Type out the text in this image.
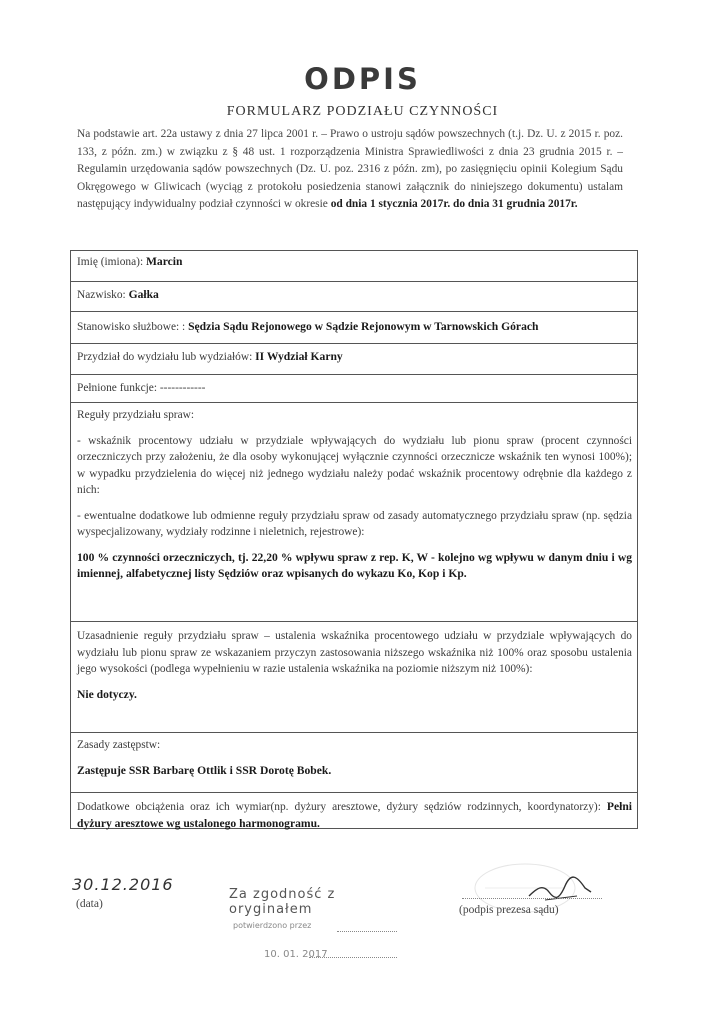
ODPIS
FORMULARZ PODZIAŁU CZYNNOŚCI
Na podstawie art. 22a ustawy z dnia 27 lipca 2001 r. – Prawo o ustroju sądów powszechnych (t.j. Dz. U. z 2015 r. poz. 133, z późn. zm.) w związku z § 48 ust. 1 rozporządzenia Ministra Sprawiedliwości z dnia 23 grudnia 2015 r. – Regulamin urzędowania sądów powszechnych (Dz. U. poz. 2316 z późn. zm), po zasięgnięciu opinii Kolegium Sądu Okręgowego w Gliwicach (wyciąg z protokołu posiedzenia stanowi załącznik do niniejszego dokumentu) ustalam następujący indywidualny podział czynności w okresie od dnia 1 stycznia 2017r. do dnia 31 grudnia 2017r.
Imię (imiona): Marcin
Nazwisko: Gałka
Stanowisko służbowe: : Sędzia Sądu Rejonowego w Sądzie Rejonowym w Tarnowskich Górach
Przydział do wydziału lub wydziałów: II Wydział Karny
Pełnione funkcje: ------------

Reguły przydziału spraw:

- wskaźnik procentowy udziału w przydziale wpływających do wydziału lub pionu spraw (procent czynności orzeczniczych przy założeniu, że dla osoby wykonującej wyłącznie czynności orzecznicze wskaźnik ten wynosi 100%); w wypadku przydzielenia do więcej niż jednego wydziału należy podać wskaźnik procentowy odrębnie dla każdego z nich:

- ewentualne dodatkowe lub odmienne reguły przydziału spraw od zasady automatycznego przydziału spraw (np. sędzia wyspecjalizowany, wydziały rodzinne i nieletnich, rejestrowe):

100 % czynności orzeczniczych, tj. 22,20 % wpływu spraw z rep. K, W - kolejno wg wpływu w danym dniu i wg imiennej, alfabetycznej listy Sędziów oraz wpisanych do wykazu Ko, Kop i Kp.

Uzasadnienie reguły przydziału spraw – ustalenia wskaźnika procentowego udziału w przydziale wpływających do wydziału lub pionu spraw ze wskazaniem przyczyn zastosowania niższego wskaźnika niż 100% oraz sposobu ustalenia jego wysokości (podlega wypełnieniu w razie ustalenia wskaźnika na poziomie niższym niż 100%):

Nie dotyczy.

Zasady zastępstw:

Zastępuje SSR Barbarę Ottlik i SSR Dorotę Bobek.

Dodatkowe obciążenia oraz ich wymiar(np. dyżury aresztowe, dyżury sędziów rodzinnych, koordynatorzy): Pełni dyżury aresztowe wg ustalonego harmonogramu.

30.12.2016
(data)
Za zgodność z oryginałem
potwierdzono przez
10. 01. 2017
(podpis prezesa sądu)
